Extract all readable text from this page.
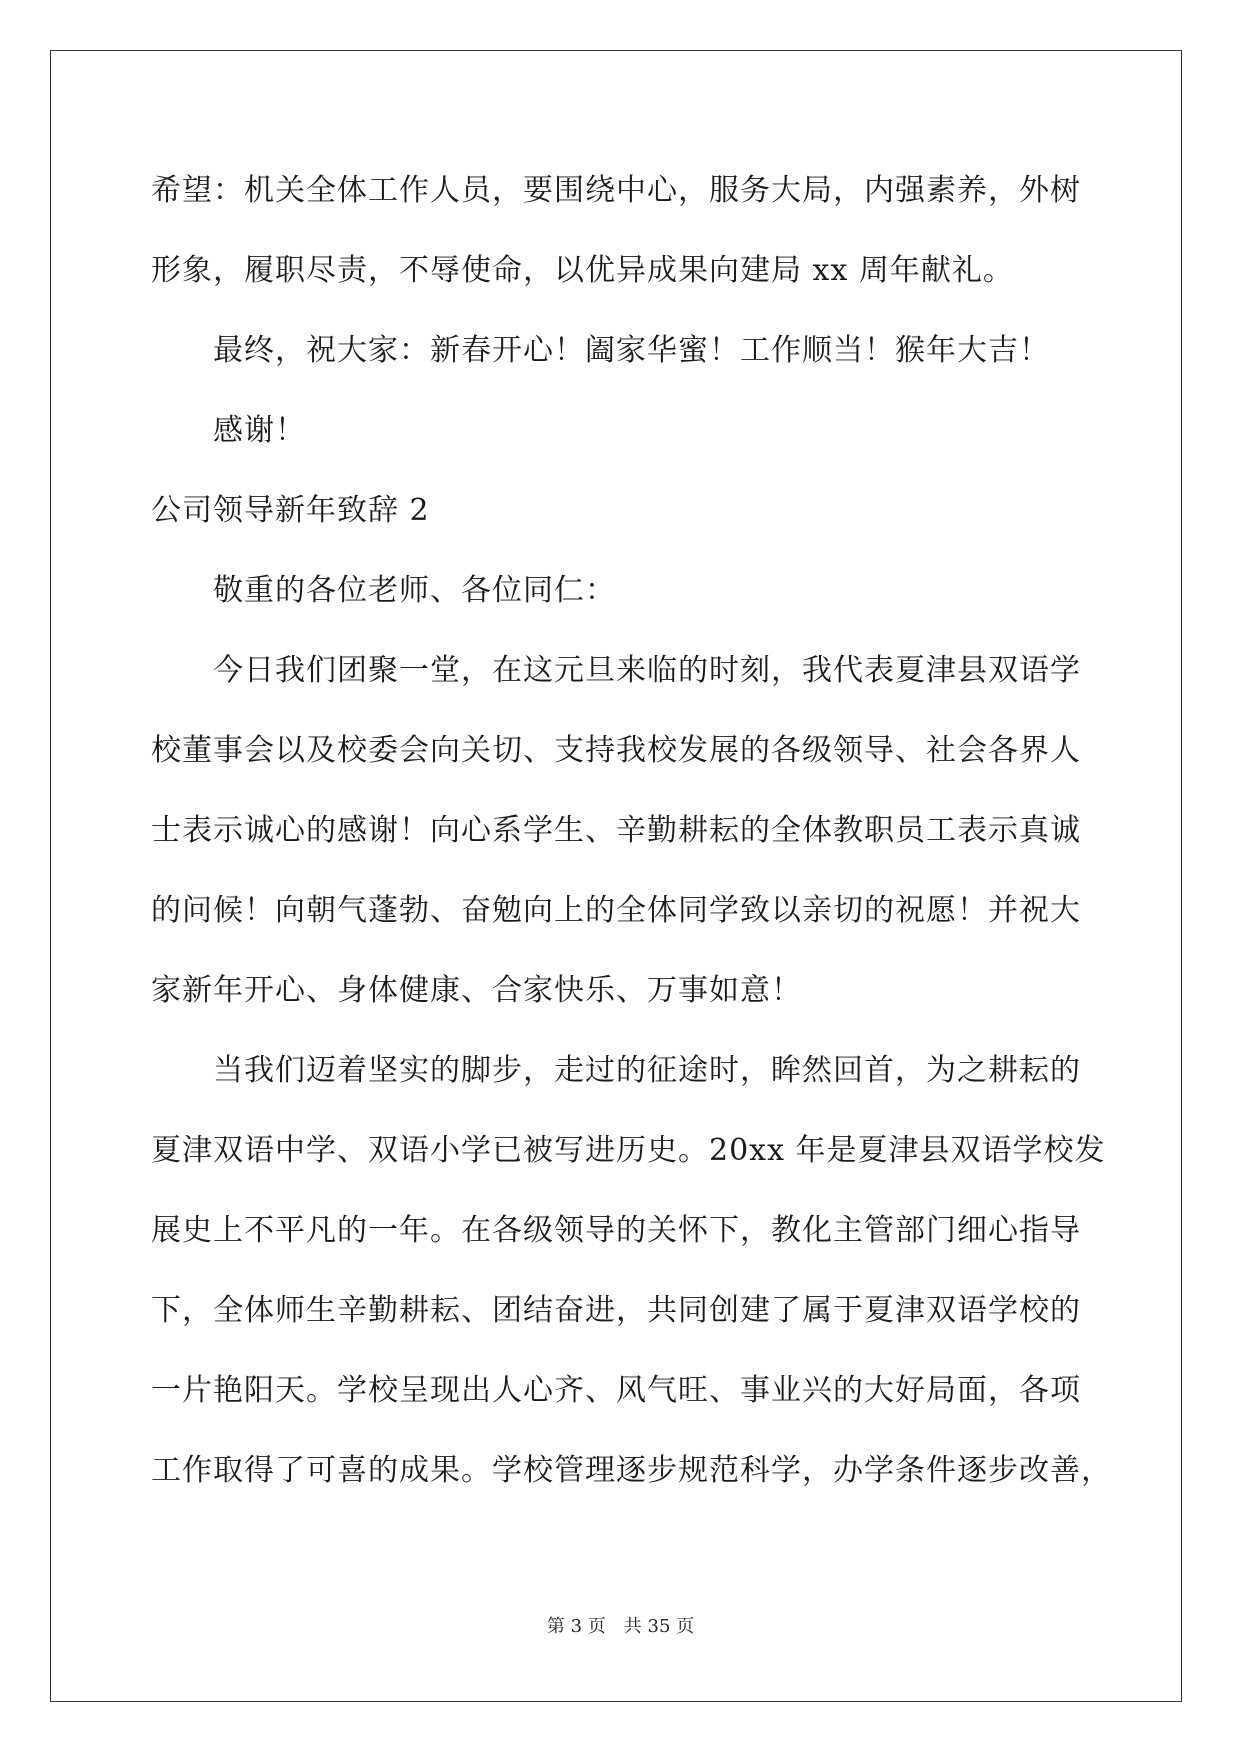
希望：机关全体工作人员，要围绕中心，服务大局，内强素养，外树
形象，履职尽责，不辱使命，以优异成果向建局 xx 周年献礼。
最终，祝大家：新春开心！阖家华蜜！工作顺当！猴年大吉！
感谢！
公司领导新年致辞 2
敬重的各位老师、各位同仁：
今日我们团聚一堂，在这元旦来临的时刻，我代表夏津县双语学
校董事会以及校委会向关切、支持我校发展的各级领导、社会各界人
士表示诚心的感谢！向心系学生、辛勤耕耘的全体教职员工表示真诚
的问候！向朝气蓬勃、奋勉向上的全体同学致以亲切的祝愿！并祝大
家新年开心、身体健康、合家快乐、万事如意！
当我们迈着坚实的脚步，走过的征途时，眸然回首，为之耕耘的
夏津双语中学、双语小学已被写进历史。20xx 年是夏津县双语学校发
展史上不平凡的一年。在各级领导的关怀下，教化主管部门细心指导
下，全体师生辛勤耕耘、团结奋进，共同创建了属于夏津双语学校的
一片艳阳天。学校呈现出人心齐、风气旺、事业兴的大好局面，各项
工作取得了可喜的成果。学校管理逐步规范科学，办学条件逐步改善，
第 3 页 共 35 页
